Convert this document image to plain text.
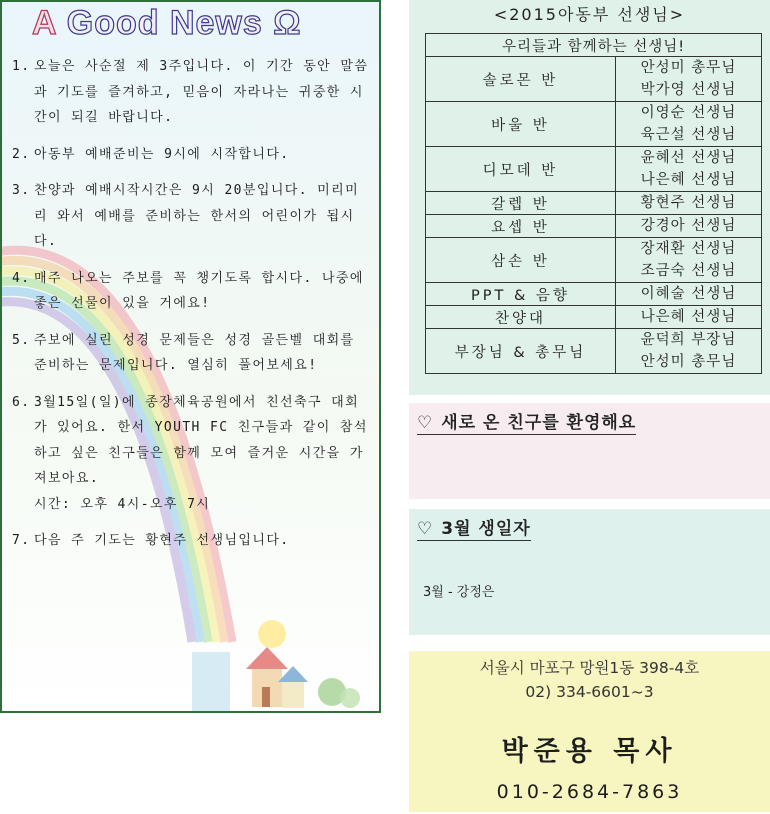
A Good News Ω
1. 오늘은 사순절 제 3주입니다. 이 기간 동안 말씀과 기도를 즐겨하고, 믿음이 자라나는 귀중한 시간이 되길 바랍니다.
2. 아동부 예배준비는 9시에 시작합니다.
3. 찬양과 예배시작시간은 9시 20분입니다. 미리미리 와서 예배를 준비하는 한서의 어린이가 됩시다.
4. 매주 나오는 주보를 꼭 챙기도록 합시다. 나중에 좋은 선물이 있을 거에요!
5. 주보에 실린 성경 문제들은 성경 골든벨 대회를 준비하는 문제입니다. 열심히 풀어보세요!
6. 3월15일(일)에 종장체육공원에서 친선축구 대회가 있어요. 한서 YOUTH FC 친구들과 같이 참석하고 싶은 친구들은 함께 모여 즐거운 시간을 가져보아요.
시간: 오후 4시-오후 7시
7. 다음 주 기도는 황현주 선생님입니다.
<2015아동부 선생님>
우리들과 함께하는 선생님!	
솔로몬 반	안성미 총무님
박가영 선생님

바울 반	이영순 선생님
육근설 선생님

디모데 반	윤혜선 선생님
나은혜 선생님

갈렙 반	황현주 선생님

요셉 반	강경아 선생님

삼손 반	장재환 선생님
조금숙 선생님

PPT & 음향	이혜술 선생님

찬양대	나은혜 선생님

부장님 & 총무님	윤덕희 부장님
안성미 총무님
♡ 새로 온 친구를 환영해요
♡ 3월 생일자
3월 - 강정은
서울시 마포구 망원1동 398-4호
02) 334-6601~3
박준용 목사
010-2684-7863
